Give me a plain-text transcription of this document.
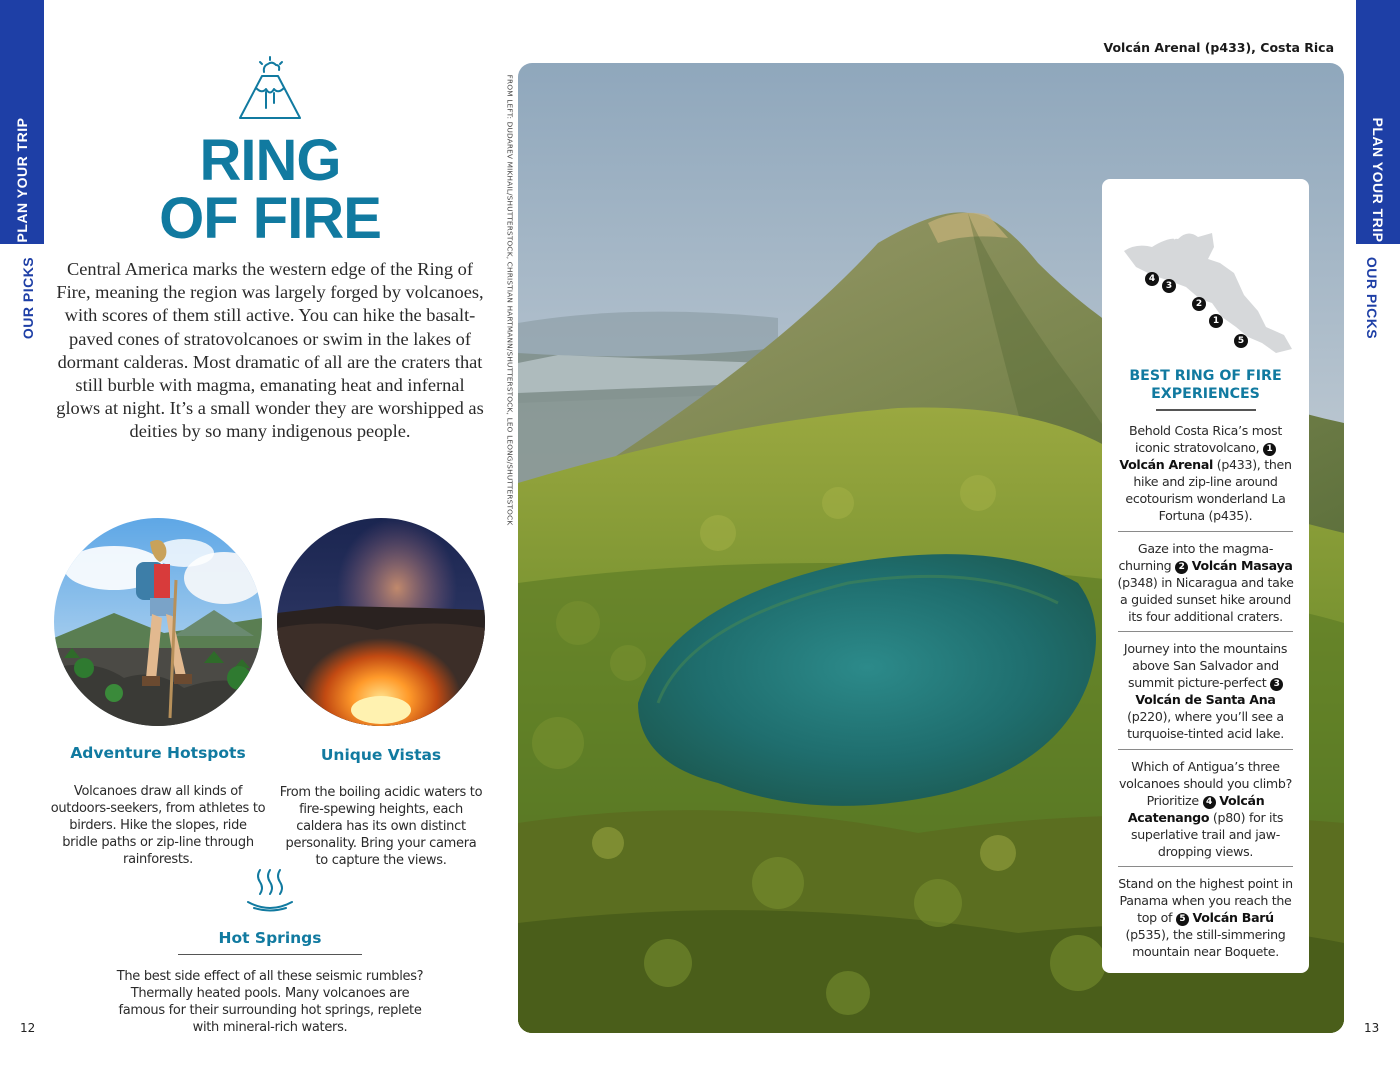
PLAN YOUR TRIP
OUR PICKS
PLAN YOUR TRIP
OUR PICKS
RING
OF FIRE
Central America marks the western edge of the Ring of Fire, meaning the region was largely forged by volcanoes, with scores of them still active. You can hike the basalt-paved cones of stratovolcanoes or swim in the lakes of dormant calderas. Most dramatic of all are the craters that still burble with magma, emanating heat and infernal glows at night. It’s a small wonder they are worshipped as deities by so many indigenous people.
Adventure Hotspots
Volcanoes draw all kinds of outdoors-seekers, from athletes to birders. Hike the slopes, ride bridle paths or zip-line through rainforests.
Unique Vistas
From the boiling acidic waters to fire-spewing heights, each caldera has its own distinct personality. Bring your camera to capture the views.
Hot Springs
The best side effect of all these seismic rumbles? Thermally heated pools. Many volcanoes are famous for their surrounding hot springs, replete with mineral-rich waters.
12	13
FROM LEFT: DUDAREV MIKHAIL/SHUTTERSTOCK, CHRISTIAN HARTMANN/SHUTTERSTOCK, LEO LEONG/SHUTTERSTOCK
Volcán Arenal (p433), Costa Rica
4
3
2
1
5
BEST RING OF FIRE
EXPERIENCES
Behold Costa Rica’s most iconic stratovolcano, 1 Volcán Arenal (p433), then hike and zip-line around ecotourism wonderland La Fortuna (p435).
Gaze into the magma-churning 2 Volcán Masaya (p348) in Nicaragua and take a guided sunset hike around its four additional craters.
Journey into the mountains above San Salvador and summit picture-perfect 3 Volcán de Santa Ana (p220), where you’ll see a turquoise-tinted acid lake.
Which of Antigua’s three volcanoes should you climb? Prioritize 4 Volcán Acatenango (p80) for its superlative trail and jaw-dropping views.
Stand on the highest point in Panama when you reach the top of 5 Volcán Barú (p535), the still-simmering mountain near Boquete.
